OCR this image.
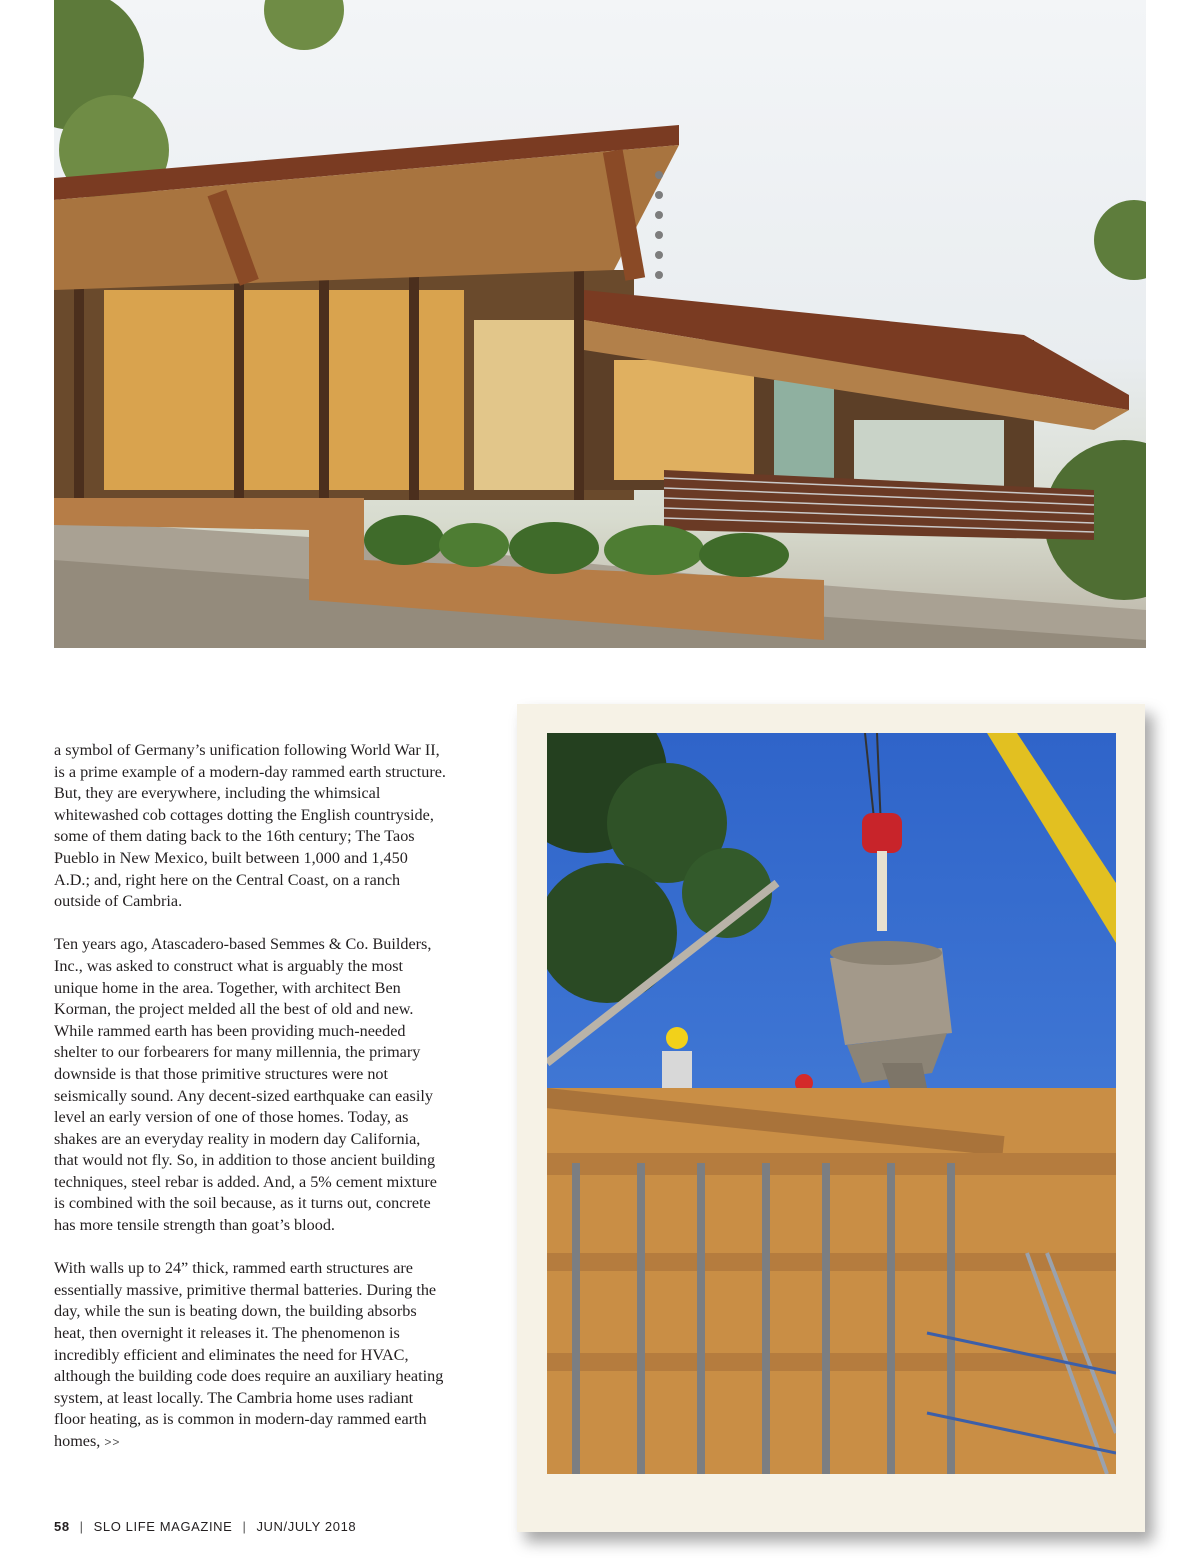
a symbol of Germany’s unification following World War II, is a prime example of a modern-day rammed earth structure. But, they are everywhere, including the whimsical whitewashed cob cottages dotting the English countryside, some of them dating back to the 16th century; The Taos Pueblo in New Mexico, built between 1,000 and 1,450 A.D.; and, right here on the Central Coast, on a ranch outside of Cambria.

Ten years ago, Atascadero-based Semmes & Co. Builders, Inc., was asked to construct what is arguably the most unique home in the area. Together, with architect Ben Korman, the project melded all the best of old and new. While rammed earth has been providing much-needed shelter to our forbearers for many millennia, the primary downside is that those primitive structures were not seismically sound. Any decent-sized earthquake can easily level an early version of one of those homes. Today, as shakes are an everyday reality in modern day California, that would not fly. So, in addition to those ancient building techniques, steel rebar is added. And, a 5% cement mixture is combined with the soil because, as it turns out, concrete has more tensile strength than goat’s blood.

With walls up to 24” thick, rammed earth structures are essentially massive, primitive thermal batteries. During the day, while the sun is beating down, the building absorbs heat, then overnight it releases it. The phenomenon is incredibly efficient and eliminates the need for HVAC, although the building code does require an auxiliary heating system, at least locally. The Cambria home uses radiant floor heating, as is common in modern-day rammed earth homes, >>

58 | SLO LIFE MAGAZINE | JUN/JULY 2018
